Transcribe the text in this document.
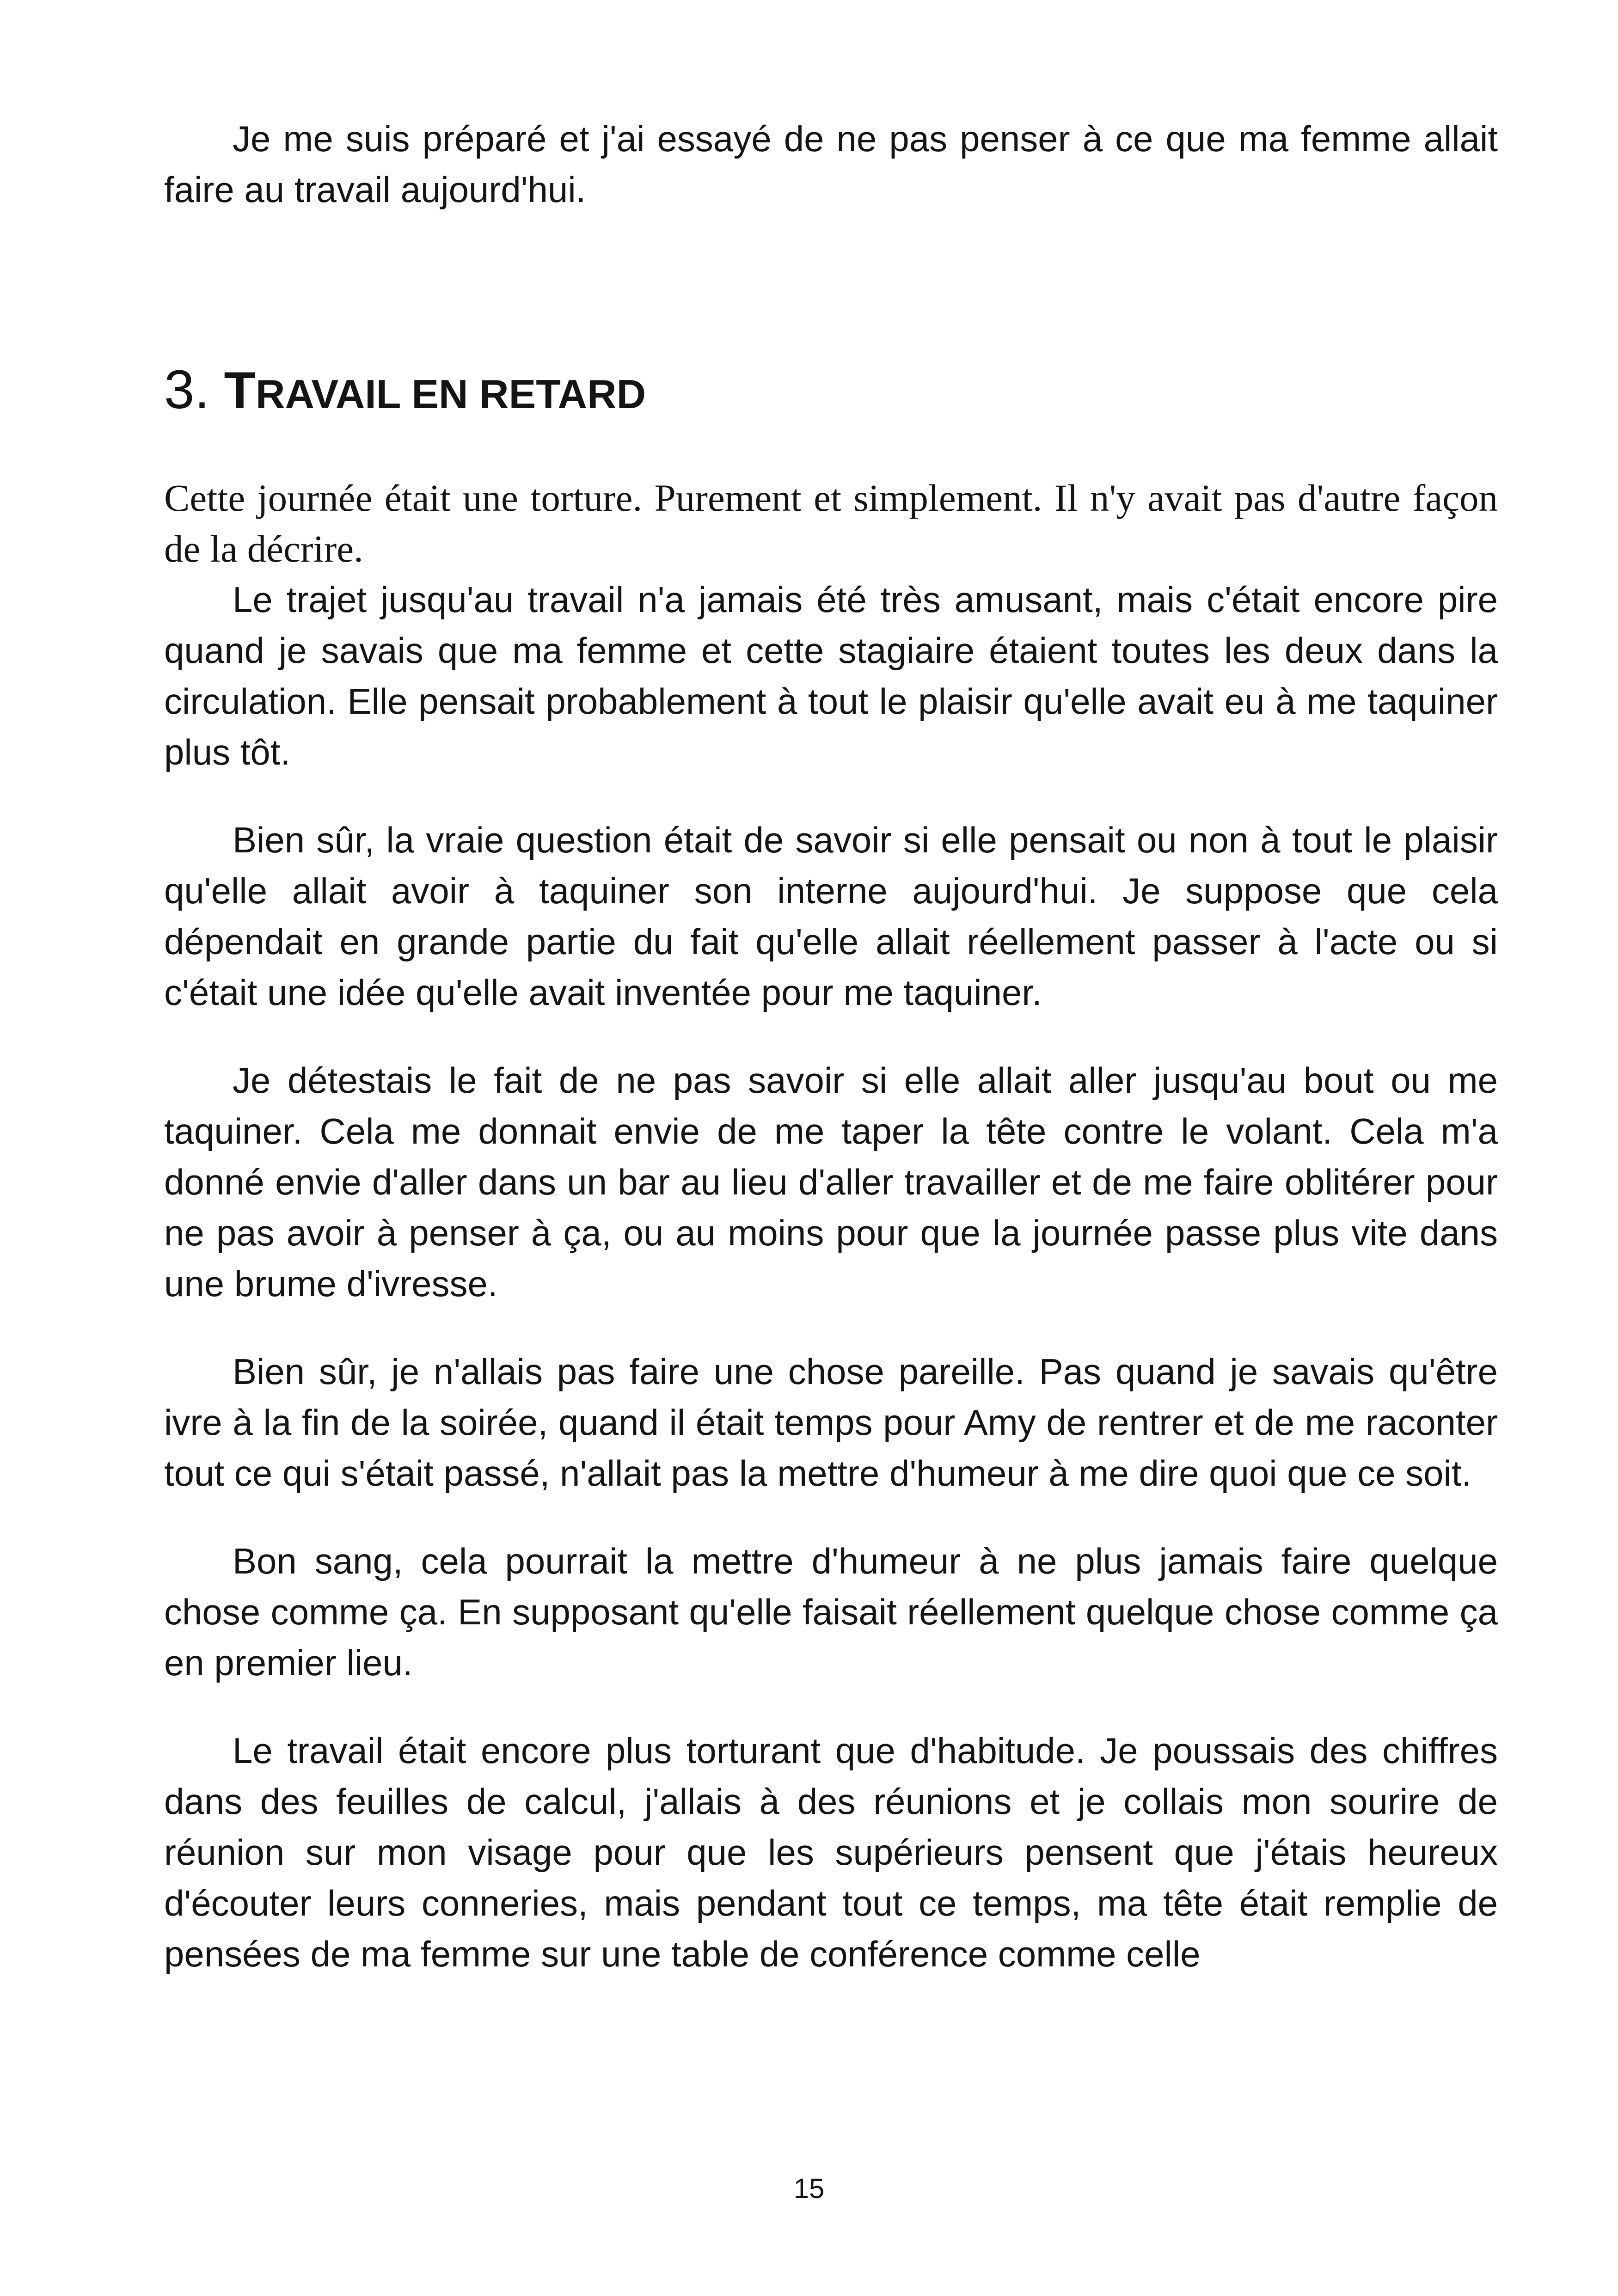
Je me suis préparé et j'ai essayé de ne pas penser à ce que ma femme allait faire au travail aujourd'hui.

3. TRAVAIL EN RETARD

Cette journée était une torture. Purement et simplement. Il n'y avait pas d'autre façon de la décrire.

Le trajet jusqu'au travail n'a jamais été très amusant, mais c'était encore pire quand je savais que ma femme et cette stagiaire étaient toutes les deux dans la circulation. Elle pensait probablement à tout le plaisir qu'elle avait eu à me taquiner plus tôt.

Bien sûr, la vraie question était de savoir si elle pensait ou non à tout le plaisir qu'elle allait avoir à taquiner son interne aujourd'hui. Je suppose que cela dépendait en grande partie du fait qu'elle allait réellement passer à l'acte ou si c'était une idée qu'elle avait inventée pour me taquiner.

Je détestais le fait de ne pas savoir si elle allait aller jusqu'au bout ou me taquiner. Cela me donnait envie de me taper la tête contre le volant. Cela m'a donné envie d'aller dans un bar au lieu d'aller travailler et de me faire oblitérer pour ne pas avoir à penser à ça, ou au moins pour que la journée passe plus vite dans une brume d'ivresse.

Bien sûr, je n'allais pas faire une chose pareille. Pas quand je savais qu'être ivre à la fin de la soirée, quand il était temps pour Amy de rentrer et de me raconter tout ce qui s'était passé, n'allait pas la mettre d'humeur à me dire quoi que ce soit.

Bon sang, cela pourrait la mettre d'humeur à ne plus jamais faire quelque chose comme ça. En supposant qu'elle faisait réellement quelque chose comme ça en premier lieu.

Le travail était encore plus torturant que d'habitude. Je poussais des chiffres dans des feuilles de calcul, j'allais à des réunions et je collais mon sourire de réunion sur mon visage pour que les supérieurs pensent que j'étais heureux d'écouter leurs conneries, mais pendant tout ce temps, ma tête était remplie de pensées de ma femme sur une table de conférence comme celle

15
